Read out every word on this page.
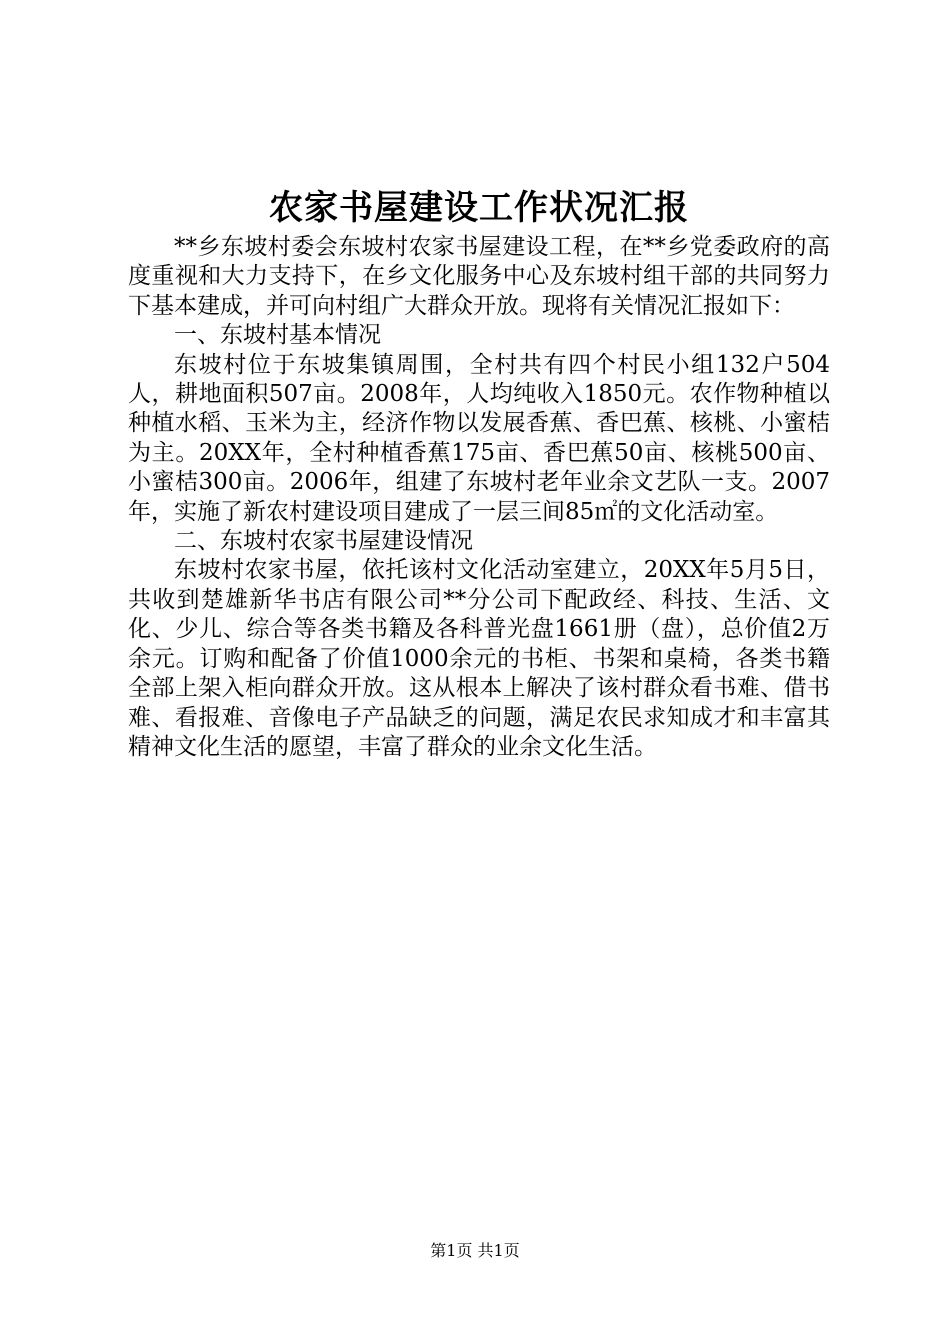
农家书屋建设工作状况汇报

**乡东坡村委会东坡村农家书屋建设工程，在**乡党委政府的高度重视和大力支持下，在乡文化服务中心及东坡村组干部的共同努力下基本建成，并可向村组广大群众开放。现将有关情况汇报如下：

一、东坡村基本情况

东坡村位于东坡集镇周围，全村共有四个村民小组132户504人，耕地面积507亩。2008年，人均纯收入1850元。农作物种植以种植水稻、玉米为主，经济作物以发展香蕉、香巴蕉、核桃、小蜜桔为主。20XX年，全村种植香蕉175亩、香巴蕉50亩、核桃500亩、小蜜桔300亩。2006年，组建了东坡村老年业余文艺队一支。2007年，实施了新农村建设项目建成了一层三间85㎡的文化活动室。

二、东坡村农家书屋建设情况

东坡村农家书屋，依托该村文化活动室建立，20XX年5月5日，共收到楚雄新华书店有限公司**分公司下配政经、科技、生活、文化、少儿、综合等各类书籍及各科普光盘1661册（盘），总价值2万余元。订购和配备了价值1000余元的书柜、书架和桌椅，各类书籍全部上架入柜向群众开放。这从根本上解决了该村群众看书难、借书难、看报难、音像电子产品缺乏的问题，满足农民求知成才和丰富其精神文化生活的愿望，丰富了群众的业余文化生活。

第1页 共1页
